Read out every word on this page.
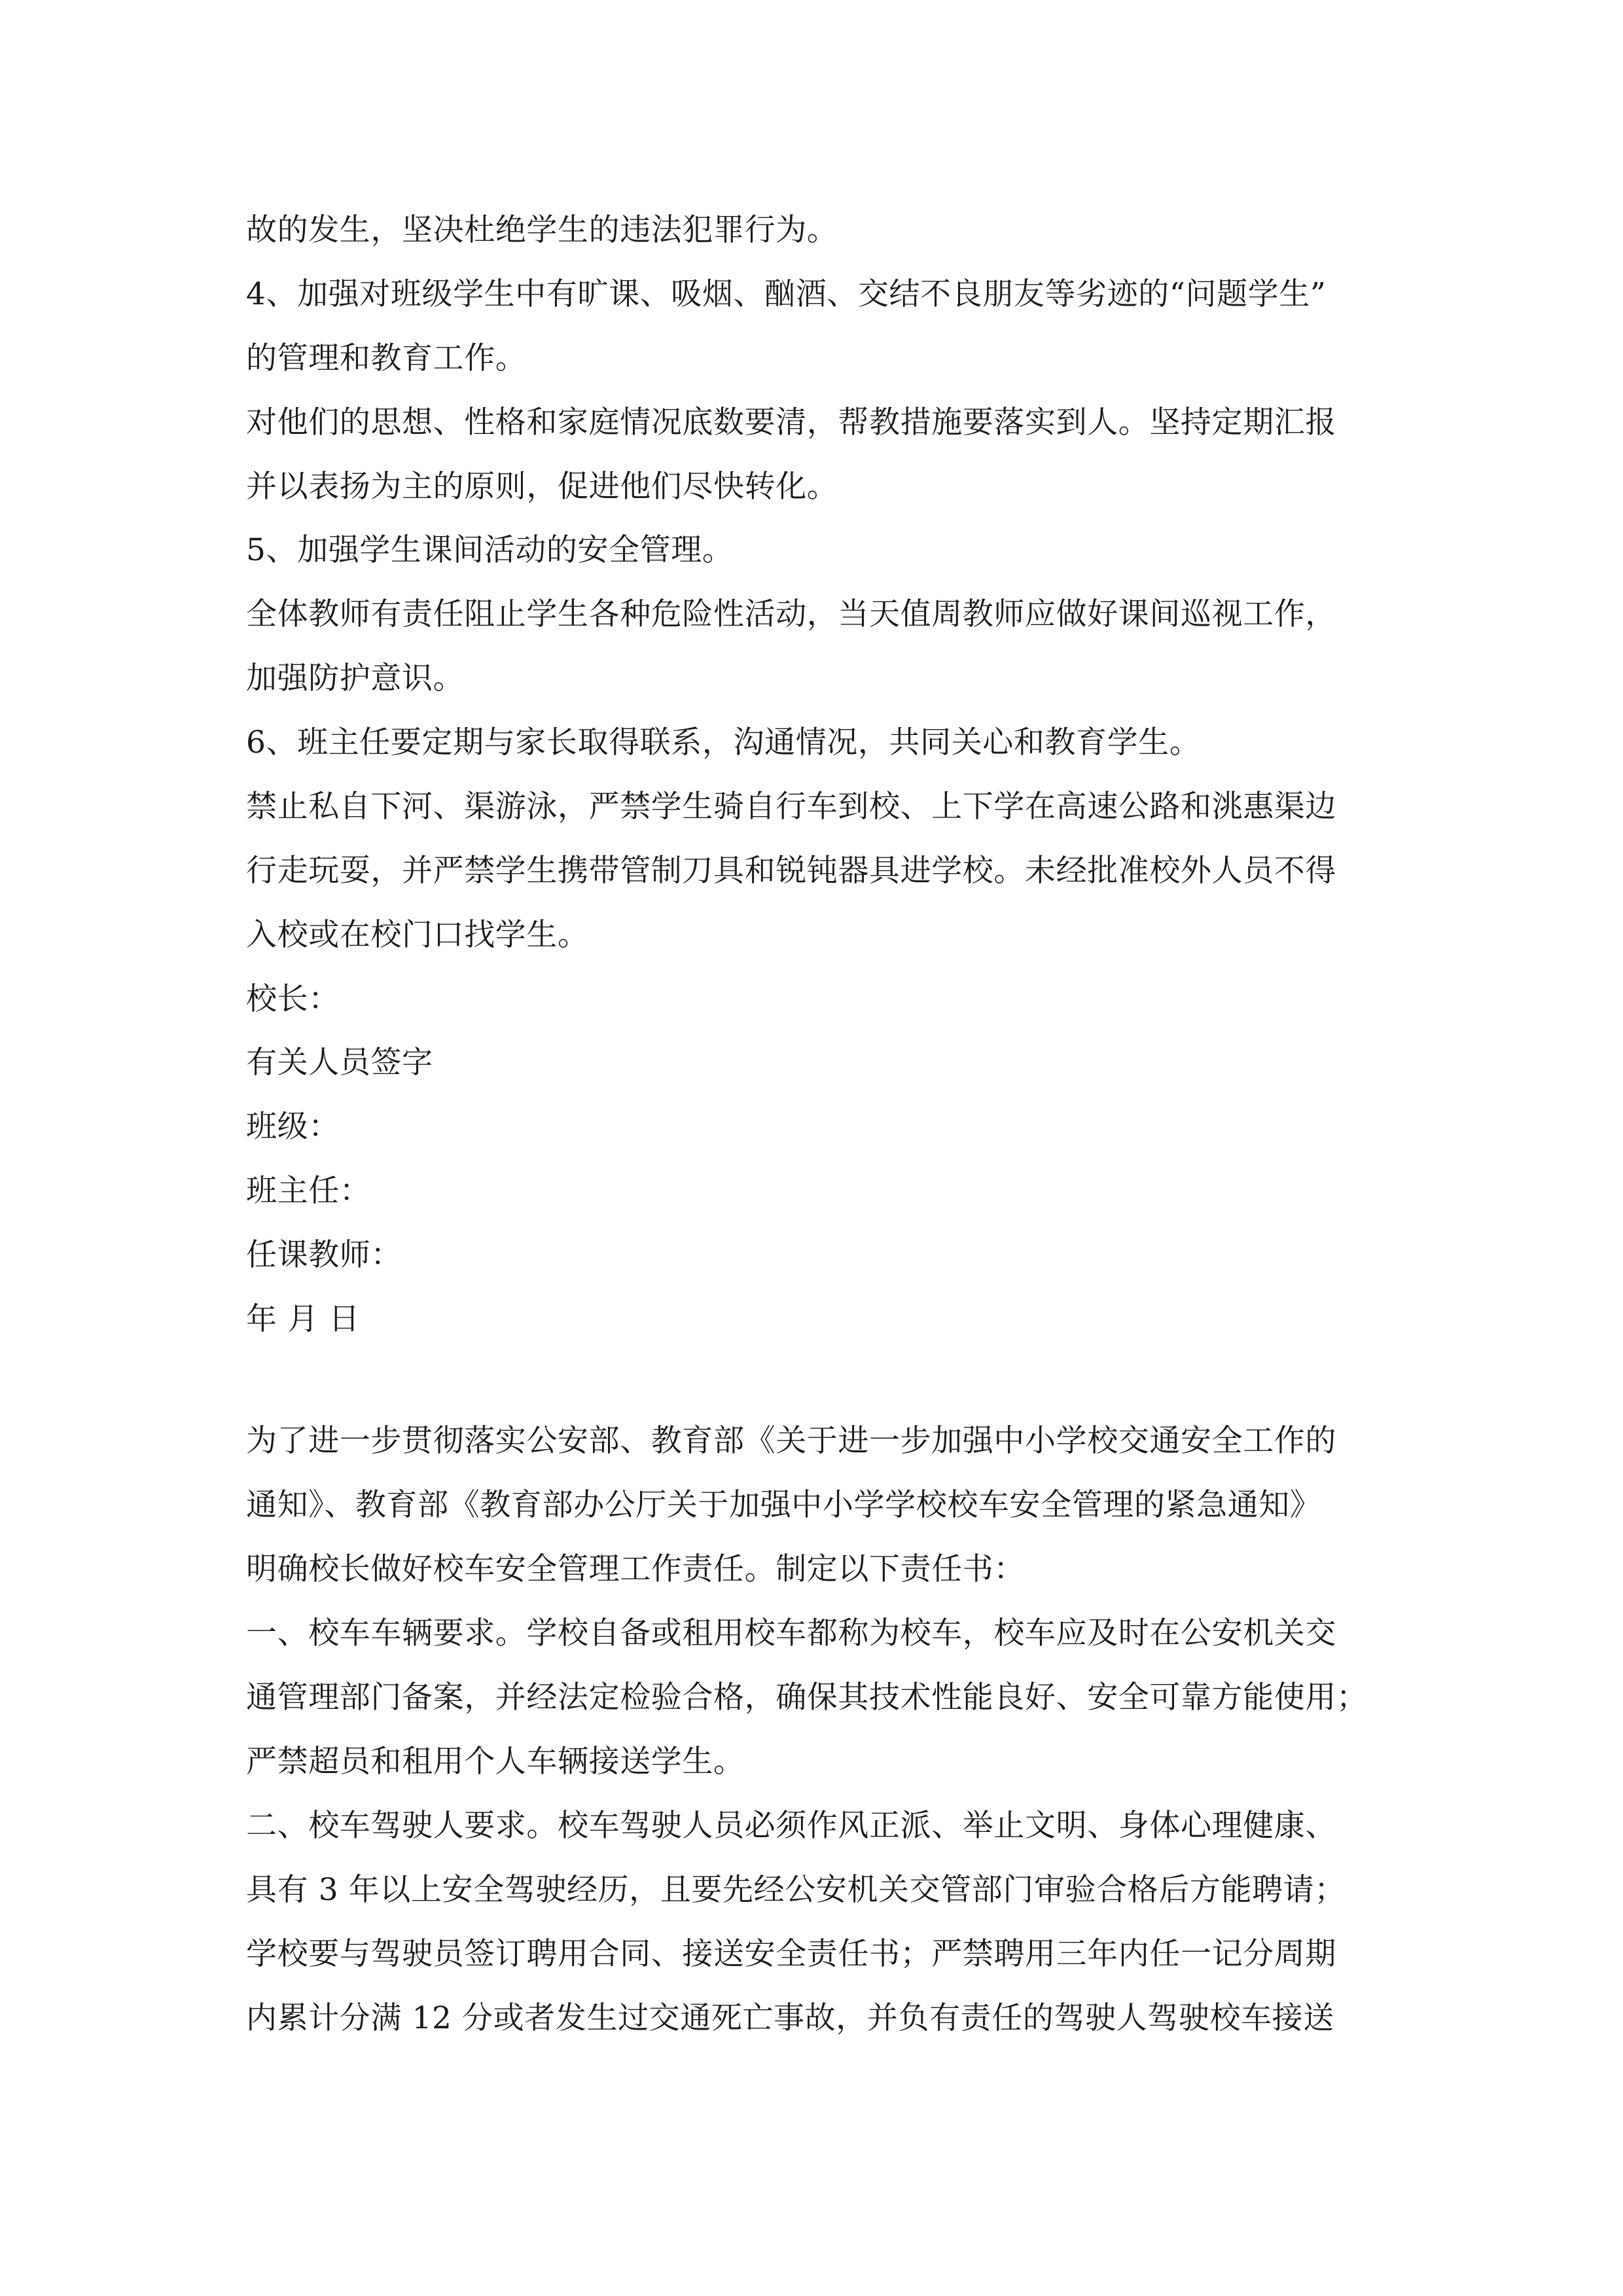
故的发生，坚决杜绝学生的违法犯罪行为。
4、加强对班级学生中有旷课、吸烟、酗酒、交结不良朋友等劣迹的“问题学生”
的管理和教育工作。
对他们的思想、性格和家庭情况底数要清，帮教措施要落实到人。坚持定期汇报
并以表扬为主的原则，促进他们尽快转化。
5、加强学生课间活动的安全管理。
全体教师有责任阻止学生各种危险性活动，当天值周教师应做好课间巡视工作，
加强防护意识。
6、班主任要定期与家长取得联系，沟通情况，共同关心和教育学生。
禁止私自下河、渠游泳，严禁学生骑自行车到校、上下学在高速公路和洮惠渠边
行走玩耍，并严禁学生携带管制刀具和锐钝器具进学校。未经批准校外人员不得
入校或在校门口找学生。
校长：
有关人员签字
班级：
班主任：
任课教师：
年 月 日
为了进一步贯彻落实公安部、教育部《关于进一步加强中小学校交通安全工作的
通知》、教育部《教育部办公厅关于加强中小学学校校车安全管理的紧急通知》
明确校长做好校车安全管理工作责任。制定以下责任书：
一、校车车辆要求。学校自备或租用校车都称为校车，校车应及时在公安机关交
通管理部门备案，并经法定检验合格，确保其技术性能良好、安全可靠方能使用；
严禁超员和租用个人车辆接送学生。
二、校车驾驶人要求。校车驾驶人员必须作风正派、举止文明、身体心理健康、
具有 3 年以上安全驾驶经历，且要先经公安机关交管部门审验合格后方能聘请；
学校要与驾驶员签订聘用合同、接送安全责任书；严禁聘用三年内任一记分周期
内累计分满 12 分或者发生过交通死亡事故，并负有责任的驾驶人驾驶校车接送
